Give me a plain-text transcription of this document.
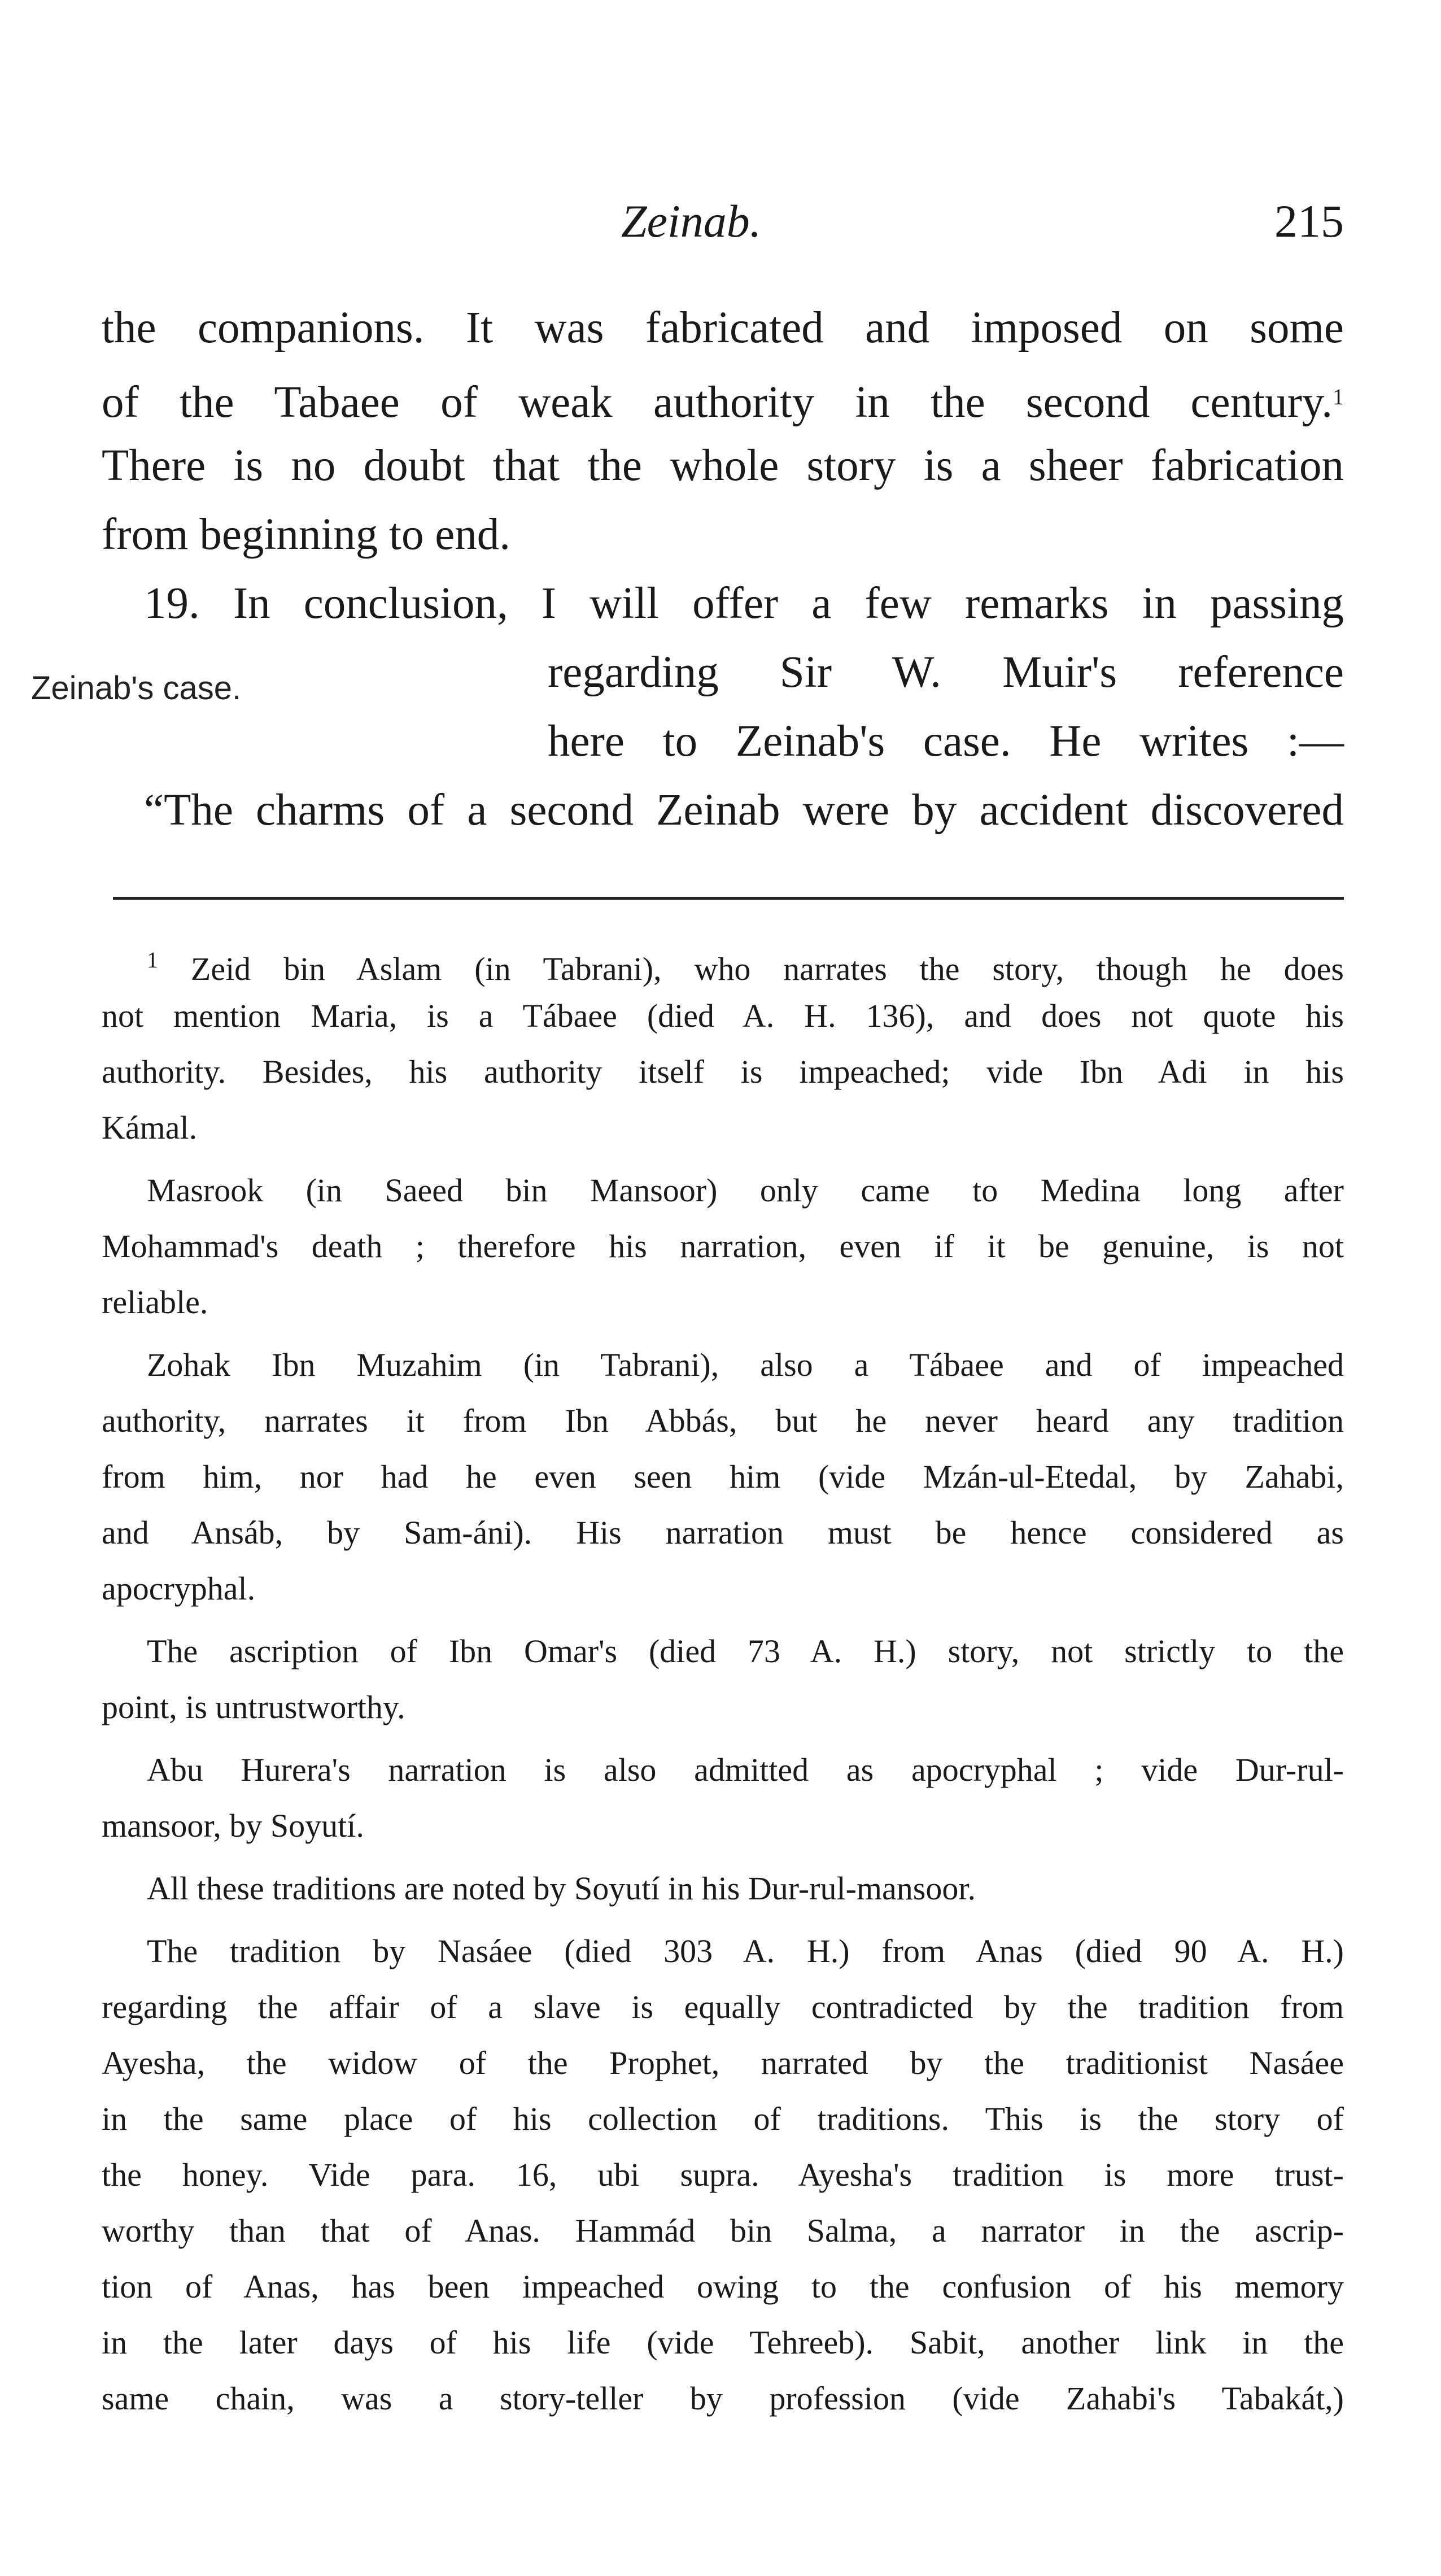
Zeinab.	215
the companions. It was fabricated and imposed on some
of the Tabaee of weak authority in the second century.$^1$
There is no doubt that the whole story is a sheer fabrication
from beginning to end.
19. In conclusion, I will offer a few remarks in passing
regarding Sir W. Muir's reference
here to Zeinab's case. He writes :—
“The charms of a second Zeinab were by accident discovered
Zeinab's case.
$^1$ Zeid bin Aslam (in Tabrani), who narrates the story, though he does
not mention Maria, is a Tábaee (died A. H. 136), and does not quote his
authority. Besides, his authority itself is impeached; vide Ibn Adi in his
Kámal.
Masrook (in Saeed bin Mansoor) only came to Medina long after
Mohammad's death ; therefore his narration, even if it be genuine, is not
reliable.
Zohak Ibn Muzahim (in Tabrani), also a Tábaee and of impeached
authority, narrates it from Ibn Abbás, but he never heard any tradition
from him, nor had he even seen him (vide Mzán-ul-Etedal, by Zahabi,
and Ansáb, by Sam-áni). His narration must be hence considered as
apocryphal.
The ascription of Ibn Omar's (died 73 A. H.) story, not strictly to the
point, is untrustworthy.
Abu Hurera's narration is also admitted as apocryphal ; vide Dur-rul-
mansoor, by Soyutí.
All these traditions are noted by Soyutí in his Dur-rul-mansoor.
The tradition by Nasáee (died 303 A. H.) from Anas (died 90 A. H.)
regarding the affair of a slave is equally contradicted by the tradition from
Ayesha, the widow of the Prophet, narrated by the traditionist Nasáee
in the same place of his collection of traditions. This is the story of
the honey. Vide para. 16, ubi supra. Ayesha's tradition is more trust-
worthy than that of Anas. Hammád bin Salma, a narrator in the ascrip-
tion of Anas, has been impeached owing to the confusion of his memory
in the later days of his life (vide Tehreeb). Sabit, another link in the
same chain, was a story-teller by profession (vide Zahabi's Tabakát,)
